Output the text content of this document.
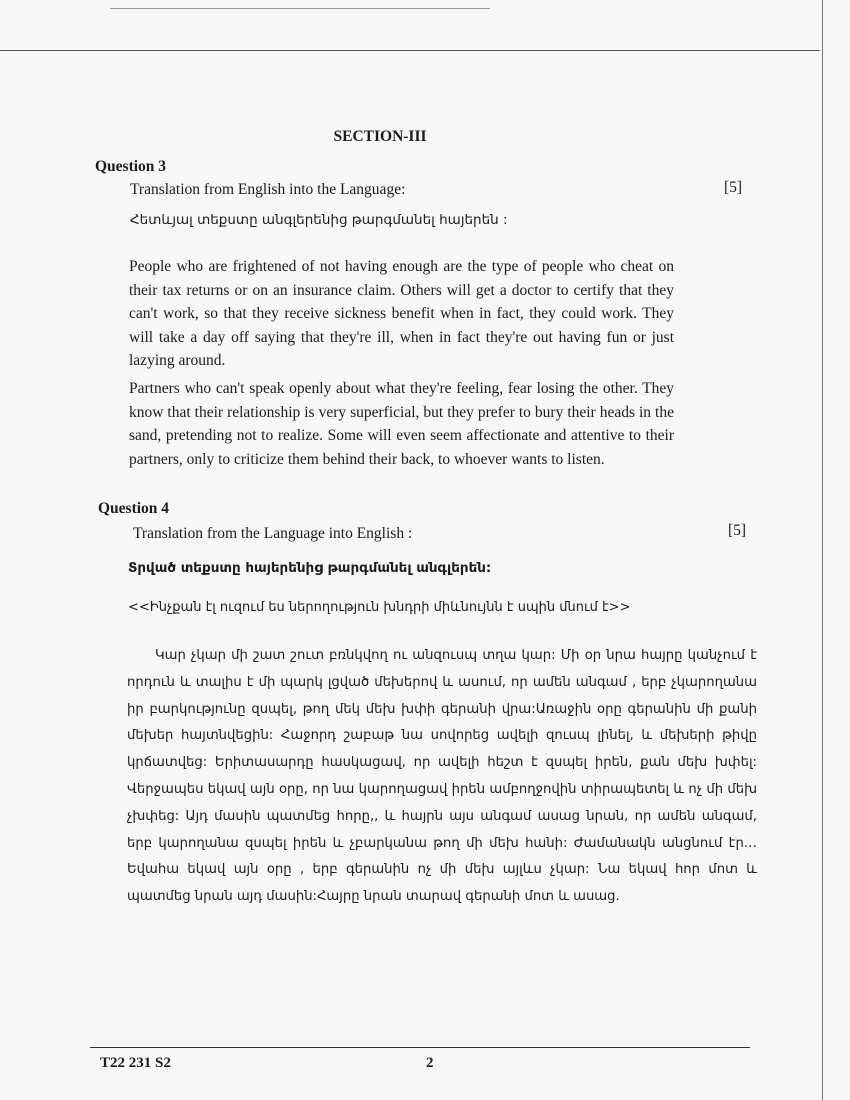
SECTION-III
Question 3
Translation from English into the Language:	[5]
Հետևյալ տեքստը անգլերենից թարգմանել հայերեն :

People who are frightened of not having enough are the type of people who cheat on their tax returns or on an insurance claim. Others will get a doctor to certify that they can't work, so that they receive sickness benefit when in fact, they could work. They will take a day off saying that they're ill, when in fact they're out having fun or just lazying around.

Partners who can't speak openly about what they're feeling, fear losing the other. They know that their relationship is very superficial, but they prefer to bury their heads in the sand, pretending not to realize. Some will even seem affectionate and attentive to their partners, only to criticize them behind their back, to whoever wants to listen.

Question 4
Translation from the Language into English :	[5]
Տրված տեքստը հայերենից թարգմանել անգլերեն:
<<Ինչքան էլ ուզում ես ներողություն խնդրի միևնույնն է սպին մնում է>>

Կար չկար մի շատ շուտ բռնկվող ու անզուսպ տղա կար: Մի օր նրա հայրը կանչում է որդուն և տալիս է մի պարկ լցված մեխերով և ասում, որ ամեն անգամ , երբ չկարողանա իր բարկությունը զսպել, թող մեկ մեխ խփի գերանի վրա:Առաջին օրը գերանին մի քանի մեխեր հայտնվեցին: Հաջորդ շաբաթ նա սովորեց ավելի զուսպ լինել, և մեխերի թիվը կրճատվեց: Երիտասարդը հասկացավ, որ ավելի հեշտ է զսպել իրեն, քան մեխ խփել: Վերջապես եկավ այն օրը, որ նա կարողացավ իրեն ամբողջովին տիրապետել և ոչ մի մեխ չխփեց: Այդ մասին պատմեց հորը,, և հայրն այս անգամ ասաց նրան, որ ամեն անգամ, երբ կարողանա զսպել իրեն և չբարկանա թող մի մեխ հանի: Ժամանակն անցնում էր…Եվահա եկավ այն օրը , երբ գերանին ոչ մի մեխ այլևս չկար: Նա եկավ հոր մոտ և պատմեց նրան այդ մասին:Հայրը նրան տարավ գերանի մոտ և ասաց.

T22 231 S2	2
